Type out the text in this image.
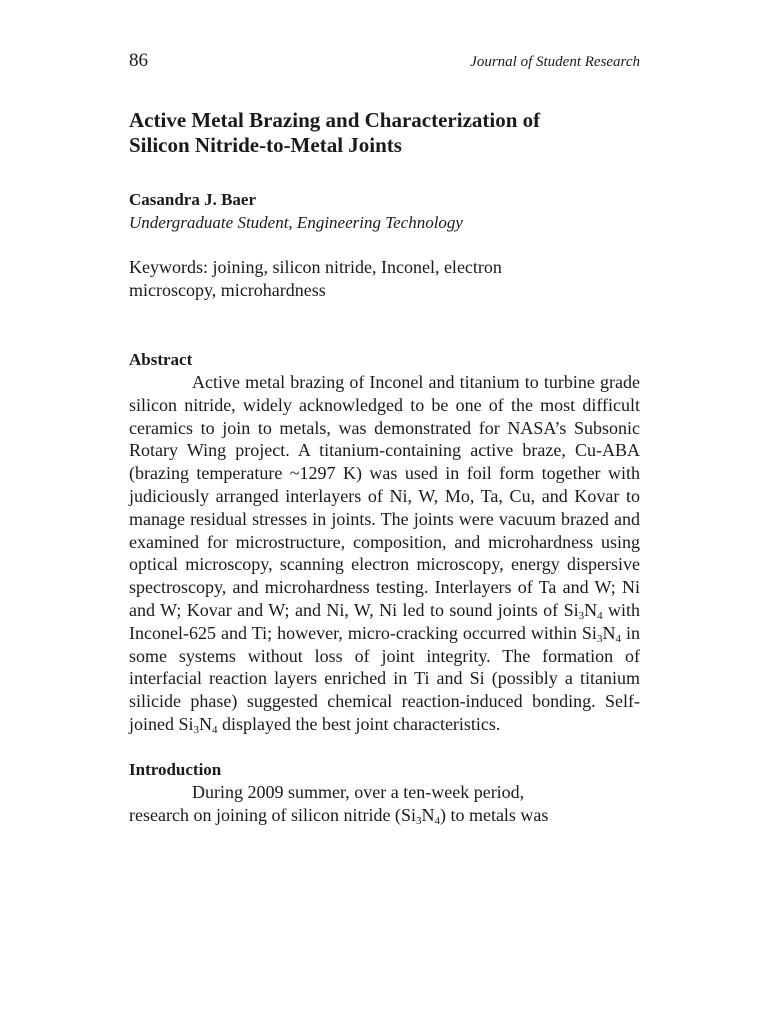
86	Journal of Student Research
Active Metal Brazing and Characterization of
Silicon Nitride-to-Metal Joints
Casandra J. Baer
Undergraduate Student, Engineering Technology
Keywords: joining, silicon nitride, Inconel, electron
microscopy, microhardness
Abstract

Active metal brazing of Inconel and titanium to turbine grade silicon nitride, widely acknowledged to be one of the most difficult ceramics to join to metals, was demonstrated for NASA’s Subsonic Rotary Wing project. A titanium-containing active braze, Cu-ABA (brazing temperature ~1297 K) was used in foil form together with judiciously arranged interlayers of Ni, W, Mo, Ta, Cu, and Kovar to manage residual stresses in joints. The joints were vacuum brazed and examined for microstructure, composition, and microhardness using optical microscopy, scanning electron microscopy, energy dispersive spectroscopy, and microhardness testing. Interlayers of Ta and W; Ni and W; Kovar and W; and Ni, W, Ni led to sound joints of $Si_3N_4$ with Inconel-625 and Ti; however, micro-cracking occurred within $Si_3N_4$ in some systems without loss of joint integrity. The formation of interfacial reaction layers enriched in Ti and Si (possibly a titanium silicide phase) suggested chemical reaction-induced bonding. Self-joined $Si_3N_4$ displayed the best joint characteristics.

Introduction

During 2009 summer, over a ten-week period,
research on joining of silicon nitride $(Si_3N_4)$ to metals was
